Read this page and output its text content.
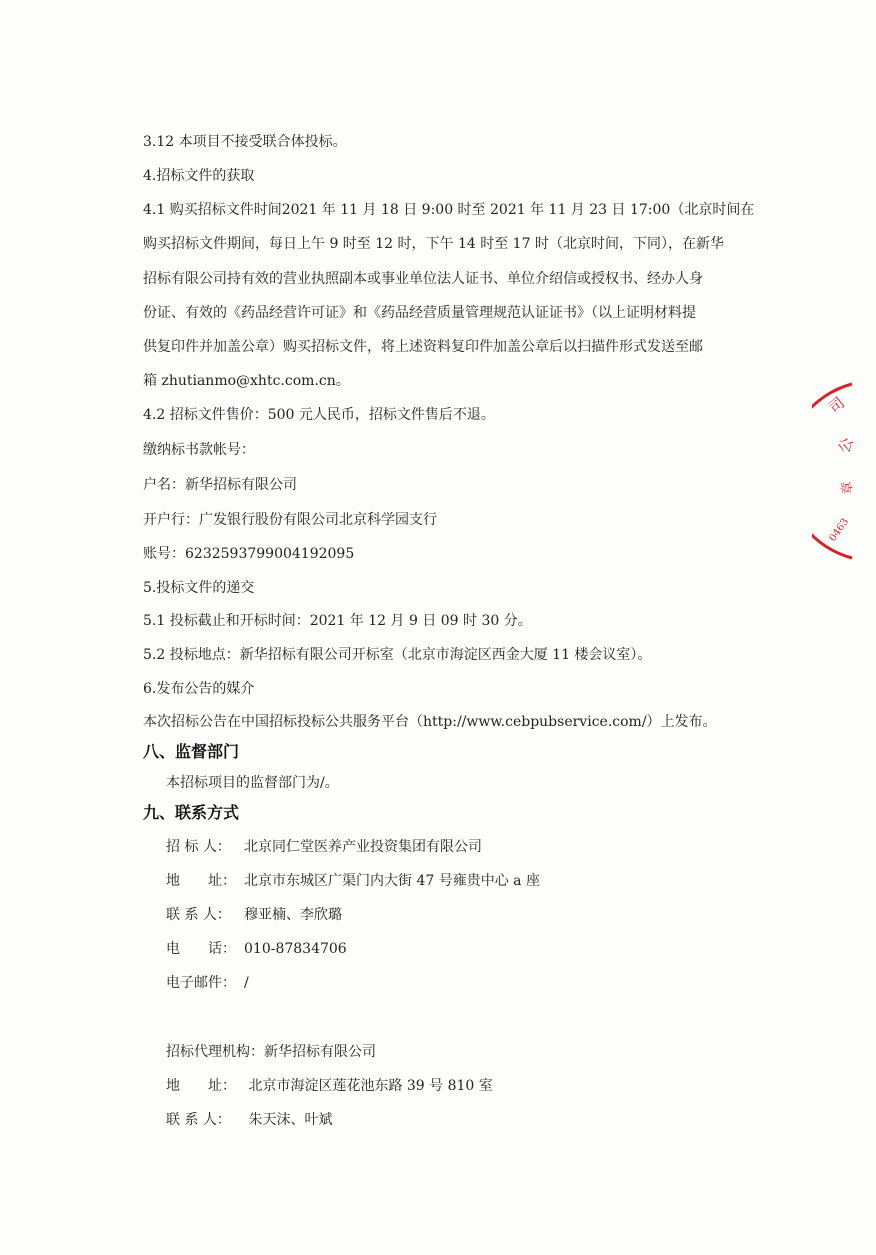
3.12 本项目不接受联合体投标。
4.招标文件的获取
4.1 购买招标文件时间2021 年 11 月 18 日 9:00 时至 2021 年 11 月 23 日 17:00（北京时间在
购买招标文件期间，每日上午 9 时至 12 时，下午 14 时至 17 时（北京时间，下同），在新华
招标有限公司持有效的营业执照副本或事业单位法人证书、单位介绍信或授权书、经办人身
份证、有效的《药品经营许可证》和《药品经营质量管理规范认证证书》（以上证明材料提
供复印件并加盖公章）购买招标文件，将上述资料复印件加盖公章后以扫描件形式发送至邮
箱 zhutianmo@xhtc.com.cn。
4.2 招标文件售价：500 元人民币，招标文件售后不退。
缴纳标书款帐号：
户名：新华招标有限公司
开户行：广发银行股份有限公司北京科学园支行
账号：6232593799004192095
5.投标文件的递交
5.1 投标截止和开标时间：2021 年 12 月 9 日 09 时 30 分。
5.2 投标地点：新华招标有限公司开标室（北京市海淀区西金大厦 11 楼会议室）。
6.发布公告的媒介
本次招标公告在中国招标投标公共服务平台（http://www.cebpubservice.com/）上发布。
八、监督部门
本招标项目的监督部门为/。
九、联系方式
招 标 人： 北京同仁堂医养产业投资集团有限公司
地　　址： 北京市东城区广渠门内大街 47 号雍贵中心 a 座
联 系 人： 穆亚楠、李欣璐
电　　话： 010-87834706
电子邮件： /
招标代理机构：新华招标有限公司
地　　址： 北京市海淀区莲花池东路 39 号 810 室
联 系 人： 朱天沫、叶斌
司
公
章
0463
